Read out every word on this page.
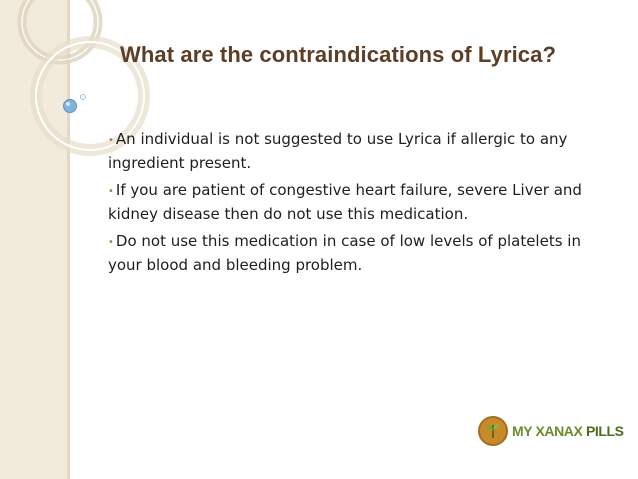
What are the contraindications of Lyrica?
• An individual is not suggested to use Lyrica if allergic to any ingredient present.
• If you are patient of congestive heart failure, severe Liver and kidney disease then do not use this medication.
• Do not use this medication in case of low levels of platelets in your blood and bleeding problem.
MY XANAX PILLS
